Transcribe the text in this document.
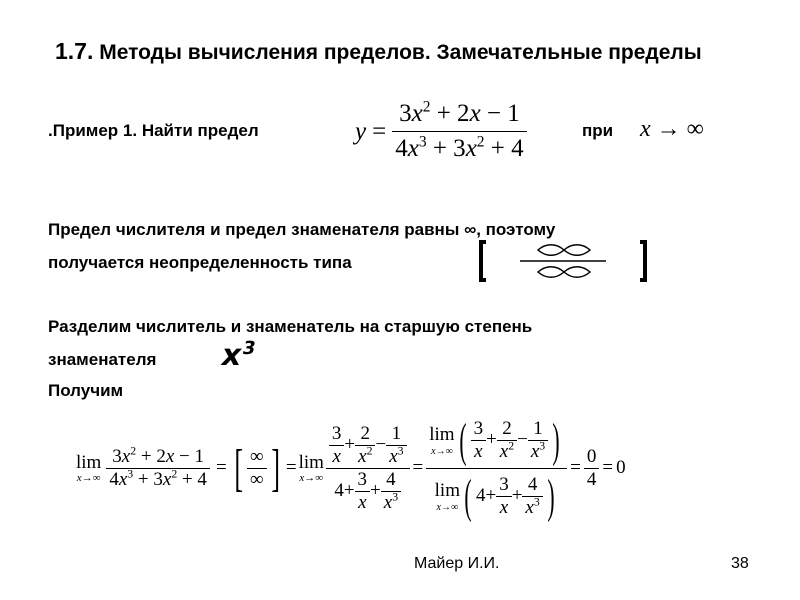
1.7. Методы вычисления пределов. Замечательные пределы
.Пример 1. Найти предел	$y = \frac{3x^2 + 2x - 1}{4x^3 + 3x^2 + 4}$	при x → ∞
Предел числителя и предел знаменателя равны ∞, поэтому
получается неопределенность типа
Разделим числитель и знаменатель на старшую степень
знаменателя $x^3$
Получим
lim
$x\to\infty \frac{3x^2 + 2x - 1}{4x^3 + 3x^2 + 4}$ = [ $\frac{\infty}{\infty}$ ] = lim
$x\to\infty \frac{\frac{3}{x} + \frac{2}{x^2} - \frac{1}{x^3}}{4+ \frac{3}{x} + \frac{4}{x^3}}$ =
lim
x→∞ ( $\frac{3}{x} + \frac{2}{x^2} - \frac{1}{x^3}$ )
lim
x→∞ ( $4+ \frac{3}{x} + \frac{4}{x^3}$ )
= $\frac{0}{4} = 0$
Майер И.И.	38
